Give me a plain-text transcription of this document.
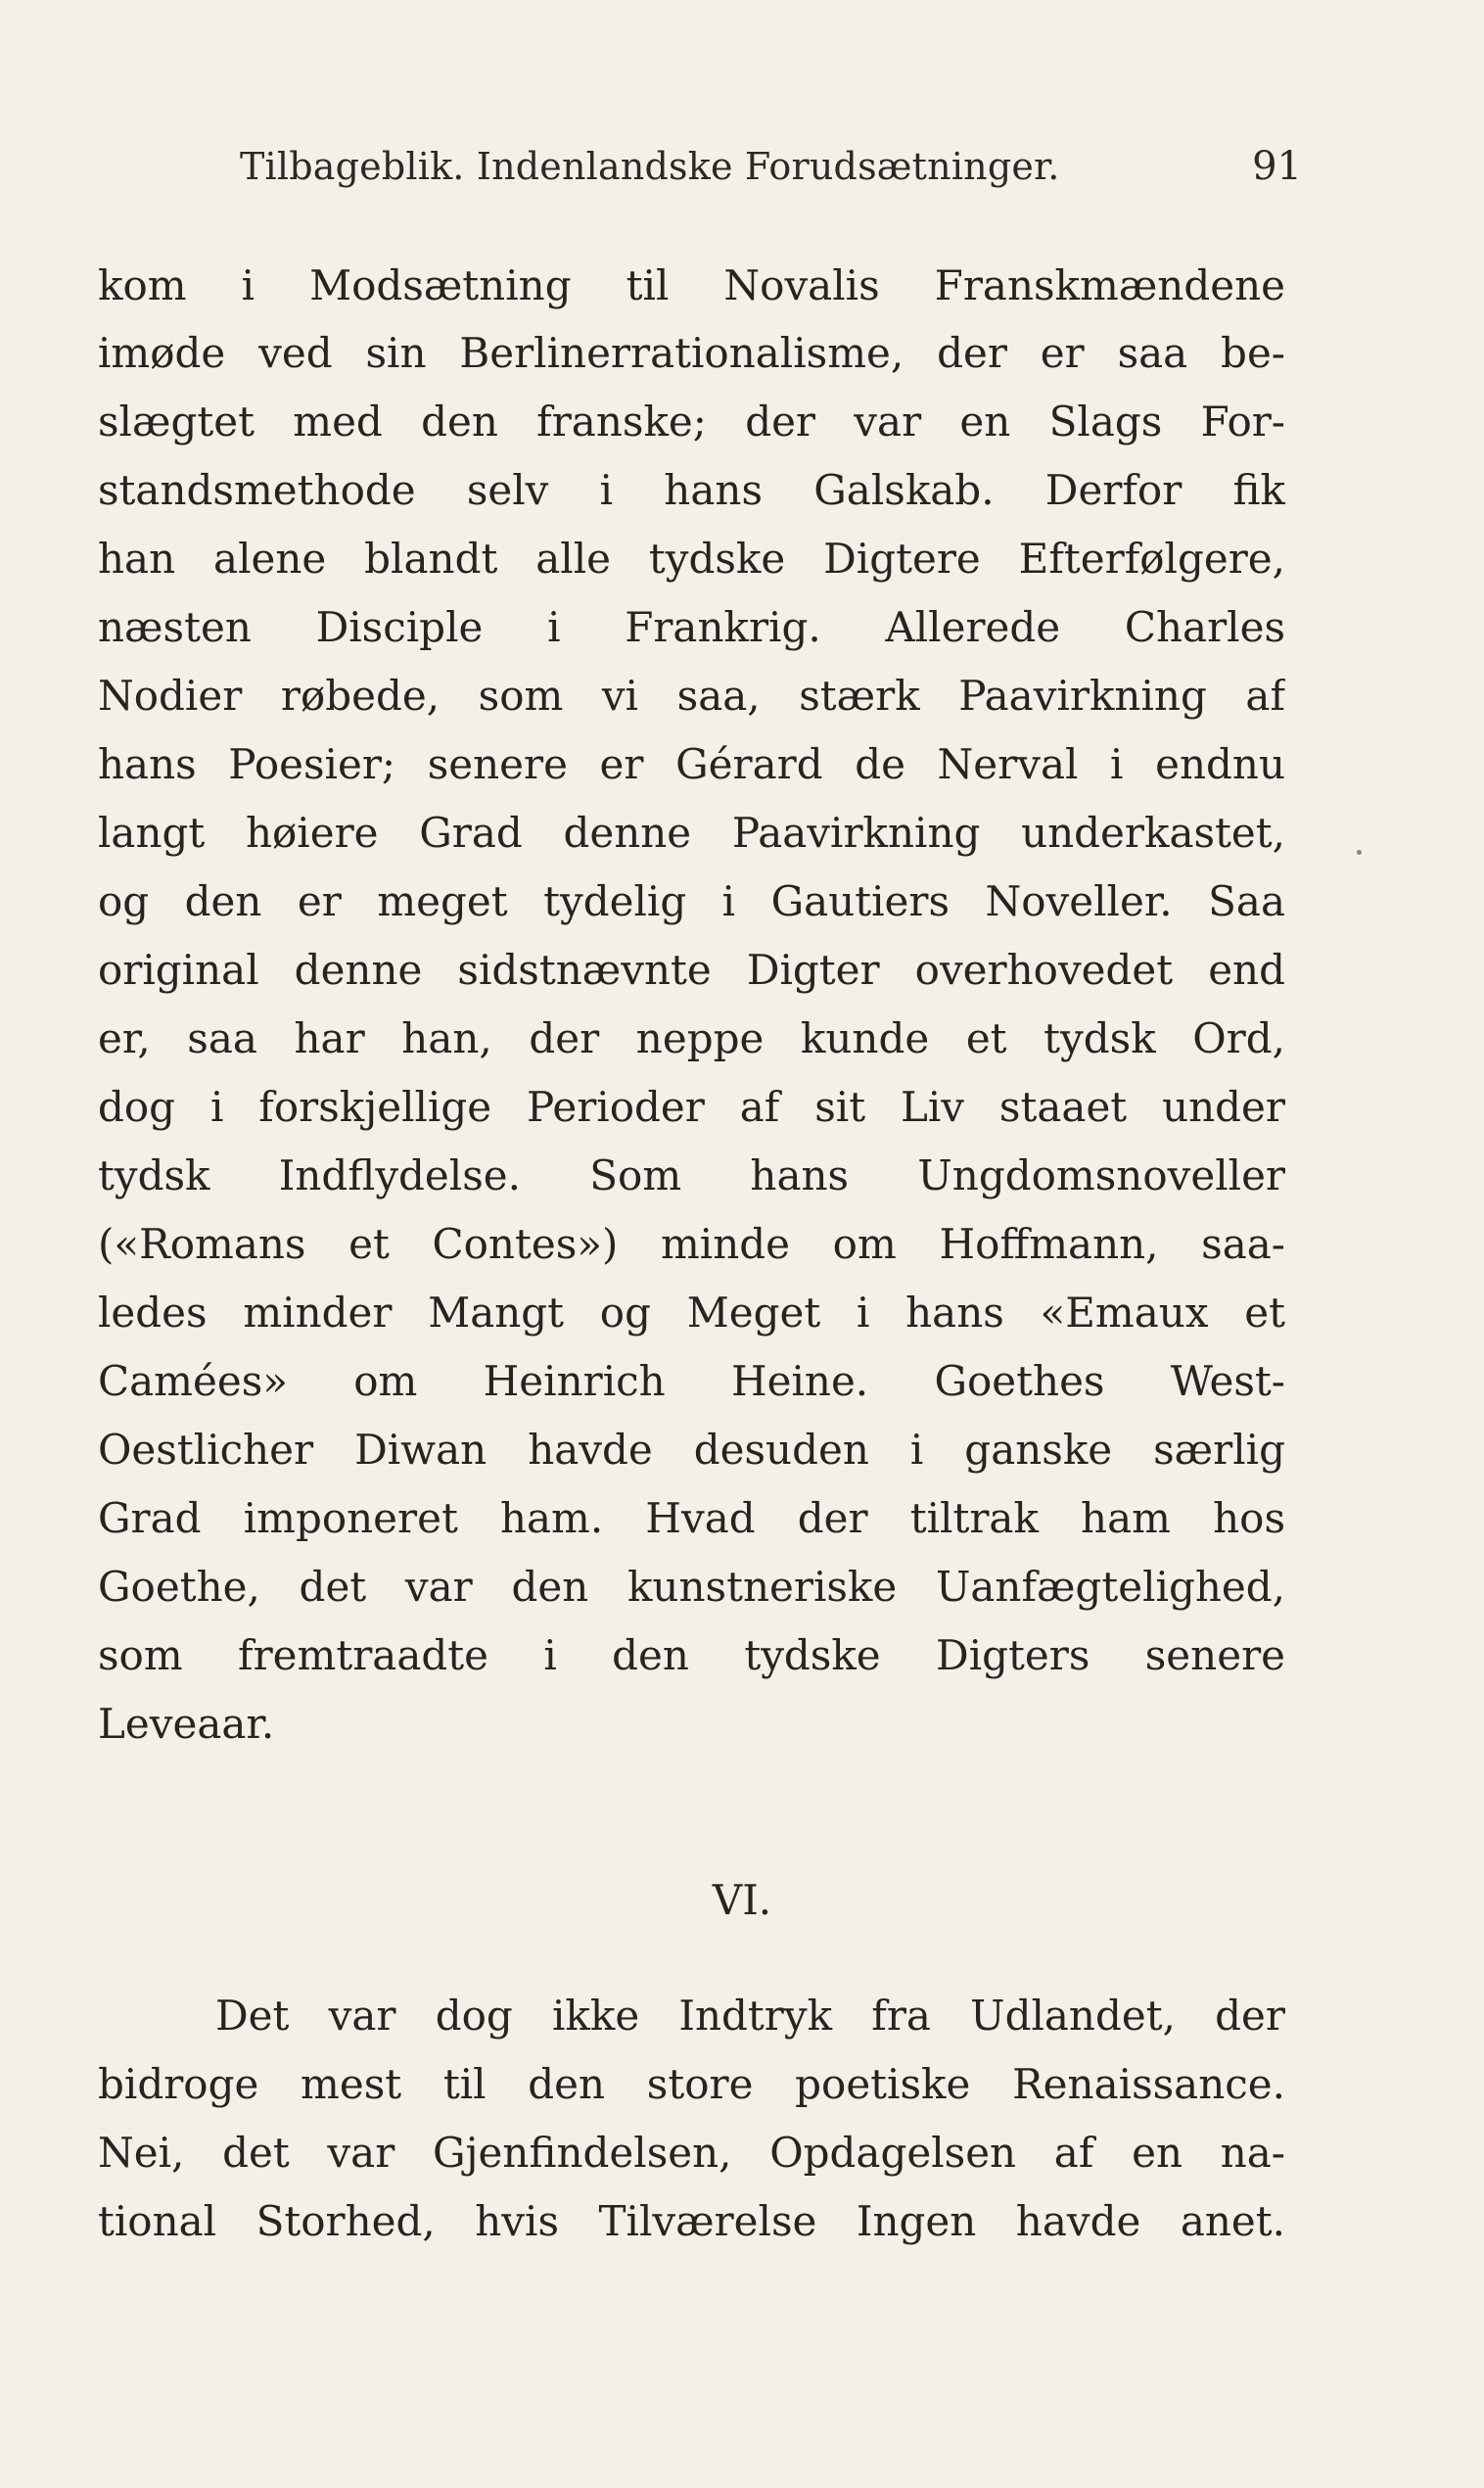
Tilbageblik. Indenlandske Forudsætninger.	91
kom i Modsætning til Novalis Franskmændene
imøde ved sin Berlinerrationalisme, der er saa be-
slægtet med den franske; der var en Slags For-
standsmethode selv i hans Galskab. Derfor fik
han alene blandt alle tydske Digtere Efterfølgere,
næsten Disciple i Frankrig. Allerede Charles
Nodier røbede, som vi saa, stærk Paavirkning af
hans Poesier; senere er Gérard de Nerval i endnu
langt høiere Grad denne Paavirkning underkastet,
og den er meget tydelig i Gautiers Noveller. Saa
original denne sidstnævnte Digter overhovedet end
er, saa har han, der neppe kunde et tydsk Ord,
dog i forskjellige Perioder af sit Liv staaet under
tydsk Indflydelse. Som hans Ungdomsnoveller
(«Romans et Contes») minde om Hoffmann, saa-
ledes minder Mangt og Meget i hans «Emaux et
Camées» om Heinrich Heine. Goethes West-
Oestlicher Diwan havde desuden i ganske særlig
Grad imponeret ham. Hvad der tiltrak ham hos
Goethe, det var den kunstneriske Uanfægtelighed,
som fremtraadte i den tydske Digters senere
Leveaar.
VI.
Det var dog ikke Indtryk fra Udlandet, der
bidroge mest til den store poetiske Renaissance.
Nei, det var Gjenfindelsen, Opdagelsen af en na-
tional Storhed, hvis Tilværelse Ingen havde anet.
